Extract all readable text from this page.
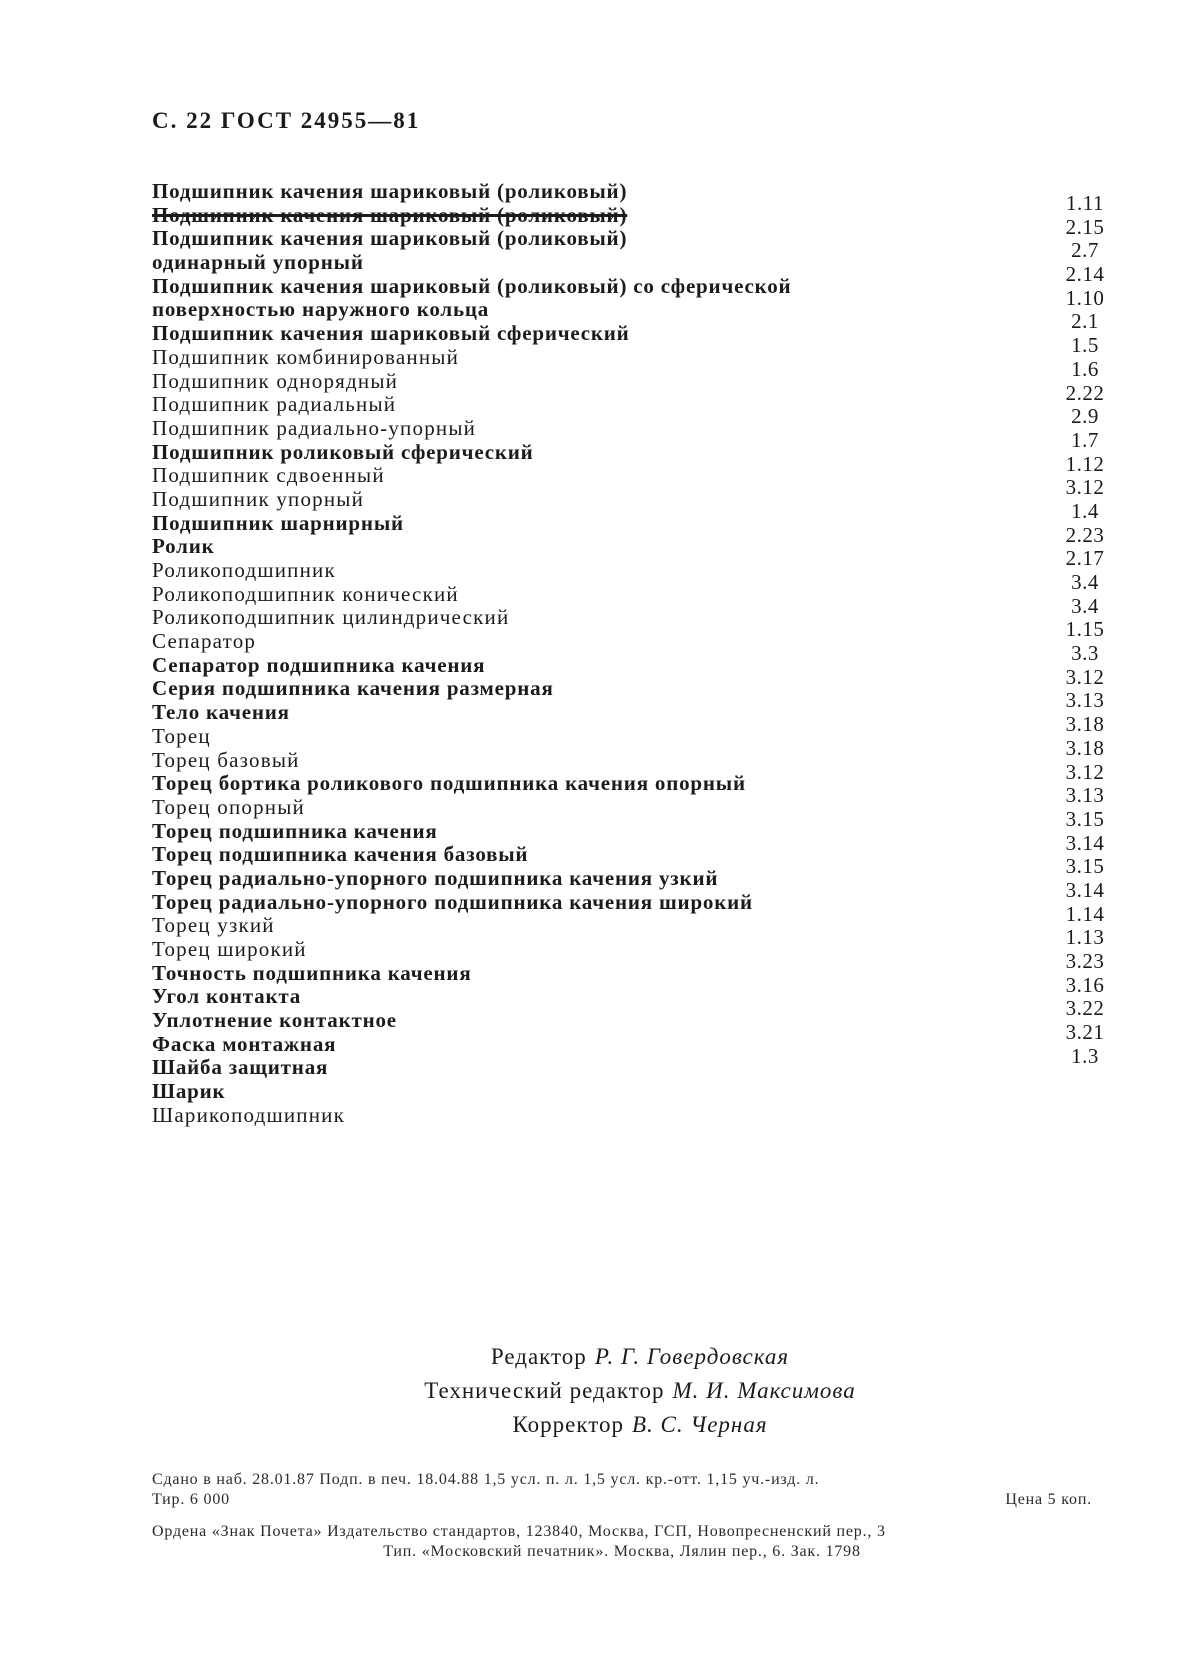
С. 22 ГОСТ 24955—81
Подшипник качения шариковый (роликовый)
Подшипник качения шариковый (роликовый)
Подшипник качения шариковый (роликовый)
одинарный упорный
Подшипник качения шариковый (роликовый) со сферической
поверхностью наружного кольца
Подшипник качения шариковый сферический
Подшипник комбинированный
Подшипник однорядный
Подшипник радиальный
Подшипник радиально-упорный
Подшипник роликовый сферический
Подшипник сдвоенный
Подшипник упорный
Подшипник шарнирный
Ролик
Роликоподшипник
Роликоподшипник конический
Роликоподшипник цилиндрический
Сепаратор
Сепаратор подшипника качения
Серия подшипника качения размерная
Тело качения
Торец
Торец базовый
Торец бортика роликового подшипника качения опорный
Торец опорный
Торец подшипника качения
Торец подшипника качения базовый
Торец радиально-упорного подшипника качения узкий
Торец радиально-упорного подшипника качения широкий
Торец узкий
Торец широкий
Точность подшипника качения
Угол контакта
Уплотнение контактное
Фаска монтажная
Шайба защитная
Шарик
Шарикоподшипник
1.11
2.15
2.7
2.14
1.10
2.1
1.5
1.6
2.22
2.9
1.7
1.12
3.12
1.4
2.23
2.17
3.4
3.4
1.15
3.3
3.12
3.13
3.18
3.18
3.12
3.13
3.15
3.14
3.15
3.14
1.14
1.13
3.23
3.16
3.22
3.21
1.3
Редактор Р. Г. Говердовская
Технический редактор М. И. Максимова
Корректор В. С. Черная
Сдано в наб. 28.01.87 Подп. в печ. 18.04.88 1,5 усл. п. л. 1,5 усл. кр.-отт. 1,15 уч.-изд. л.
Тир. 6 000	Цена 5 коп.
Ордена «Знак Почета» Издательство стандартов, 123840, Москва, ГСП, Новопресненский пер., 3
Тип. «Московский печатник». Москва, Лялин пер., 6. Зак. 1798
